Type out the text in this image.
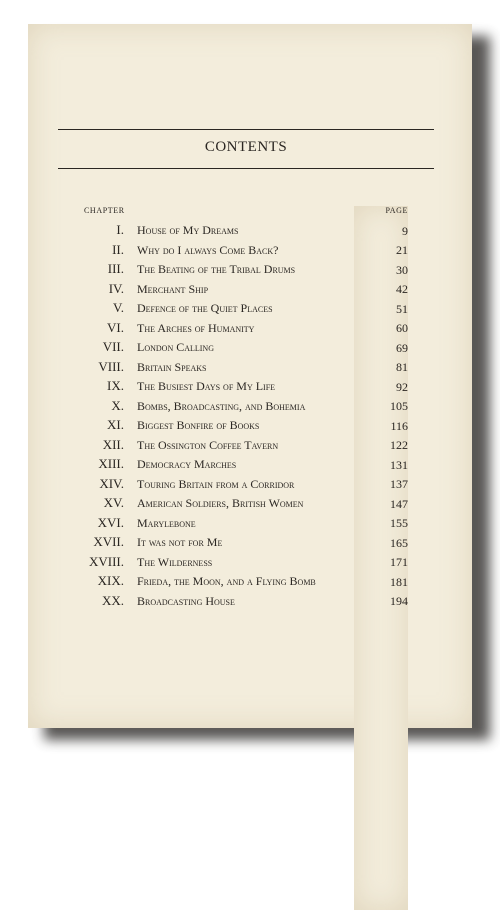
CONTENTS
CHAPTER	PAGE
I. House of My Dreams	9
II. Why do I always Come Back?	21
III. The Beating of the Tribal Drums	30
IV. Merchant Ship	42
V. Defence of the Quiet Places	51
VI. The Arches of Humanity	60
VII. London Calling	69
VIII. Britain Speaks	81
IX. The Busiest Days of My Life	92
X. Bombs, Broadcasting, and Bohemia	105
XI. Biggest Bonfire of Books	116
XII. The Ossington Coffee Tavern	122
XIII. Democracy Marches	131
XIV. Touring Britain from a Corridor	137
XV. American Soldiers, British Women	147
XVI. Marylebone	155
XVII. It was not for Me	165
XVIII. The Wilderness	171
XIX. Frieda, the Moon, and a Flying Bomb	181
XX. Broadcasting House	194
